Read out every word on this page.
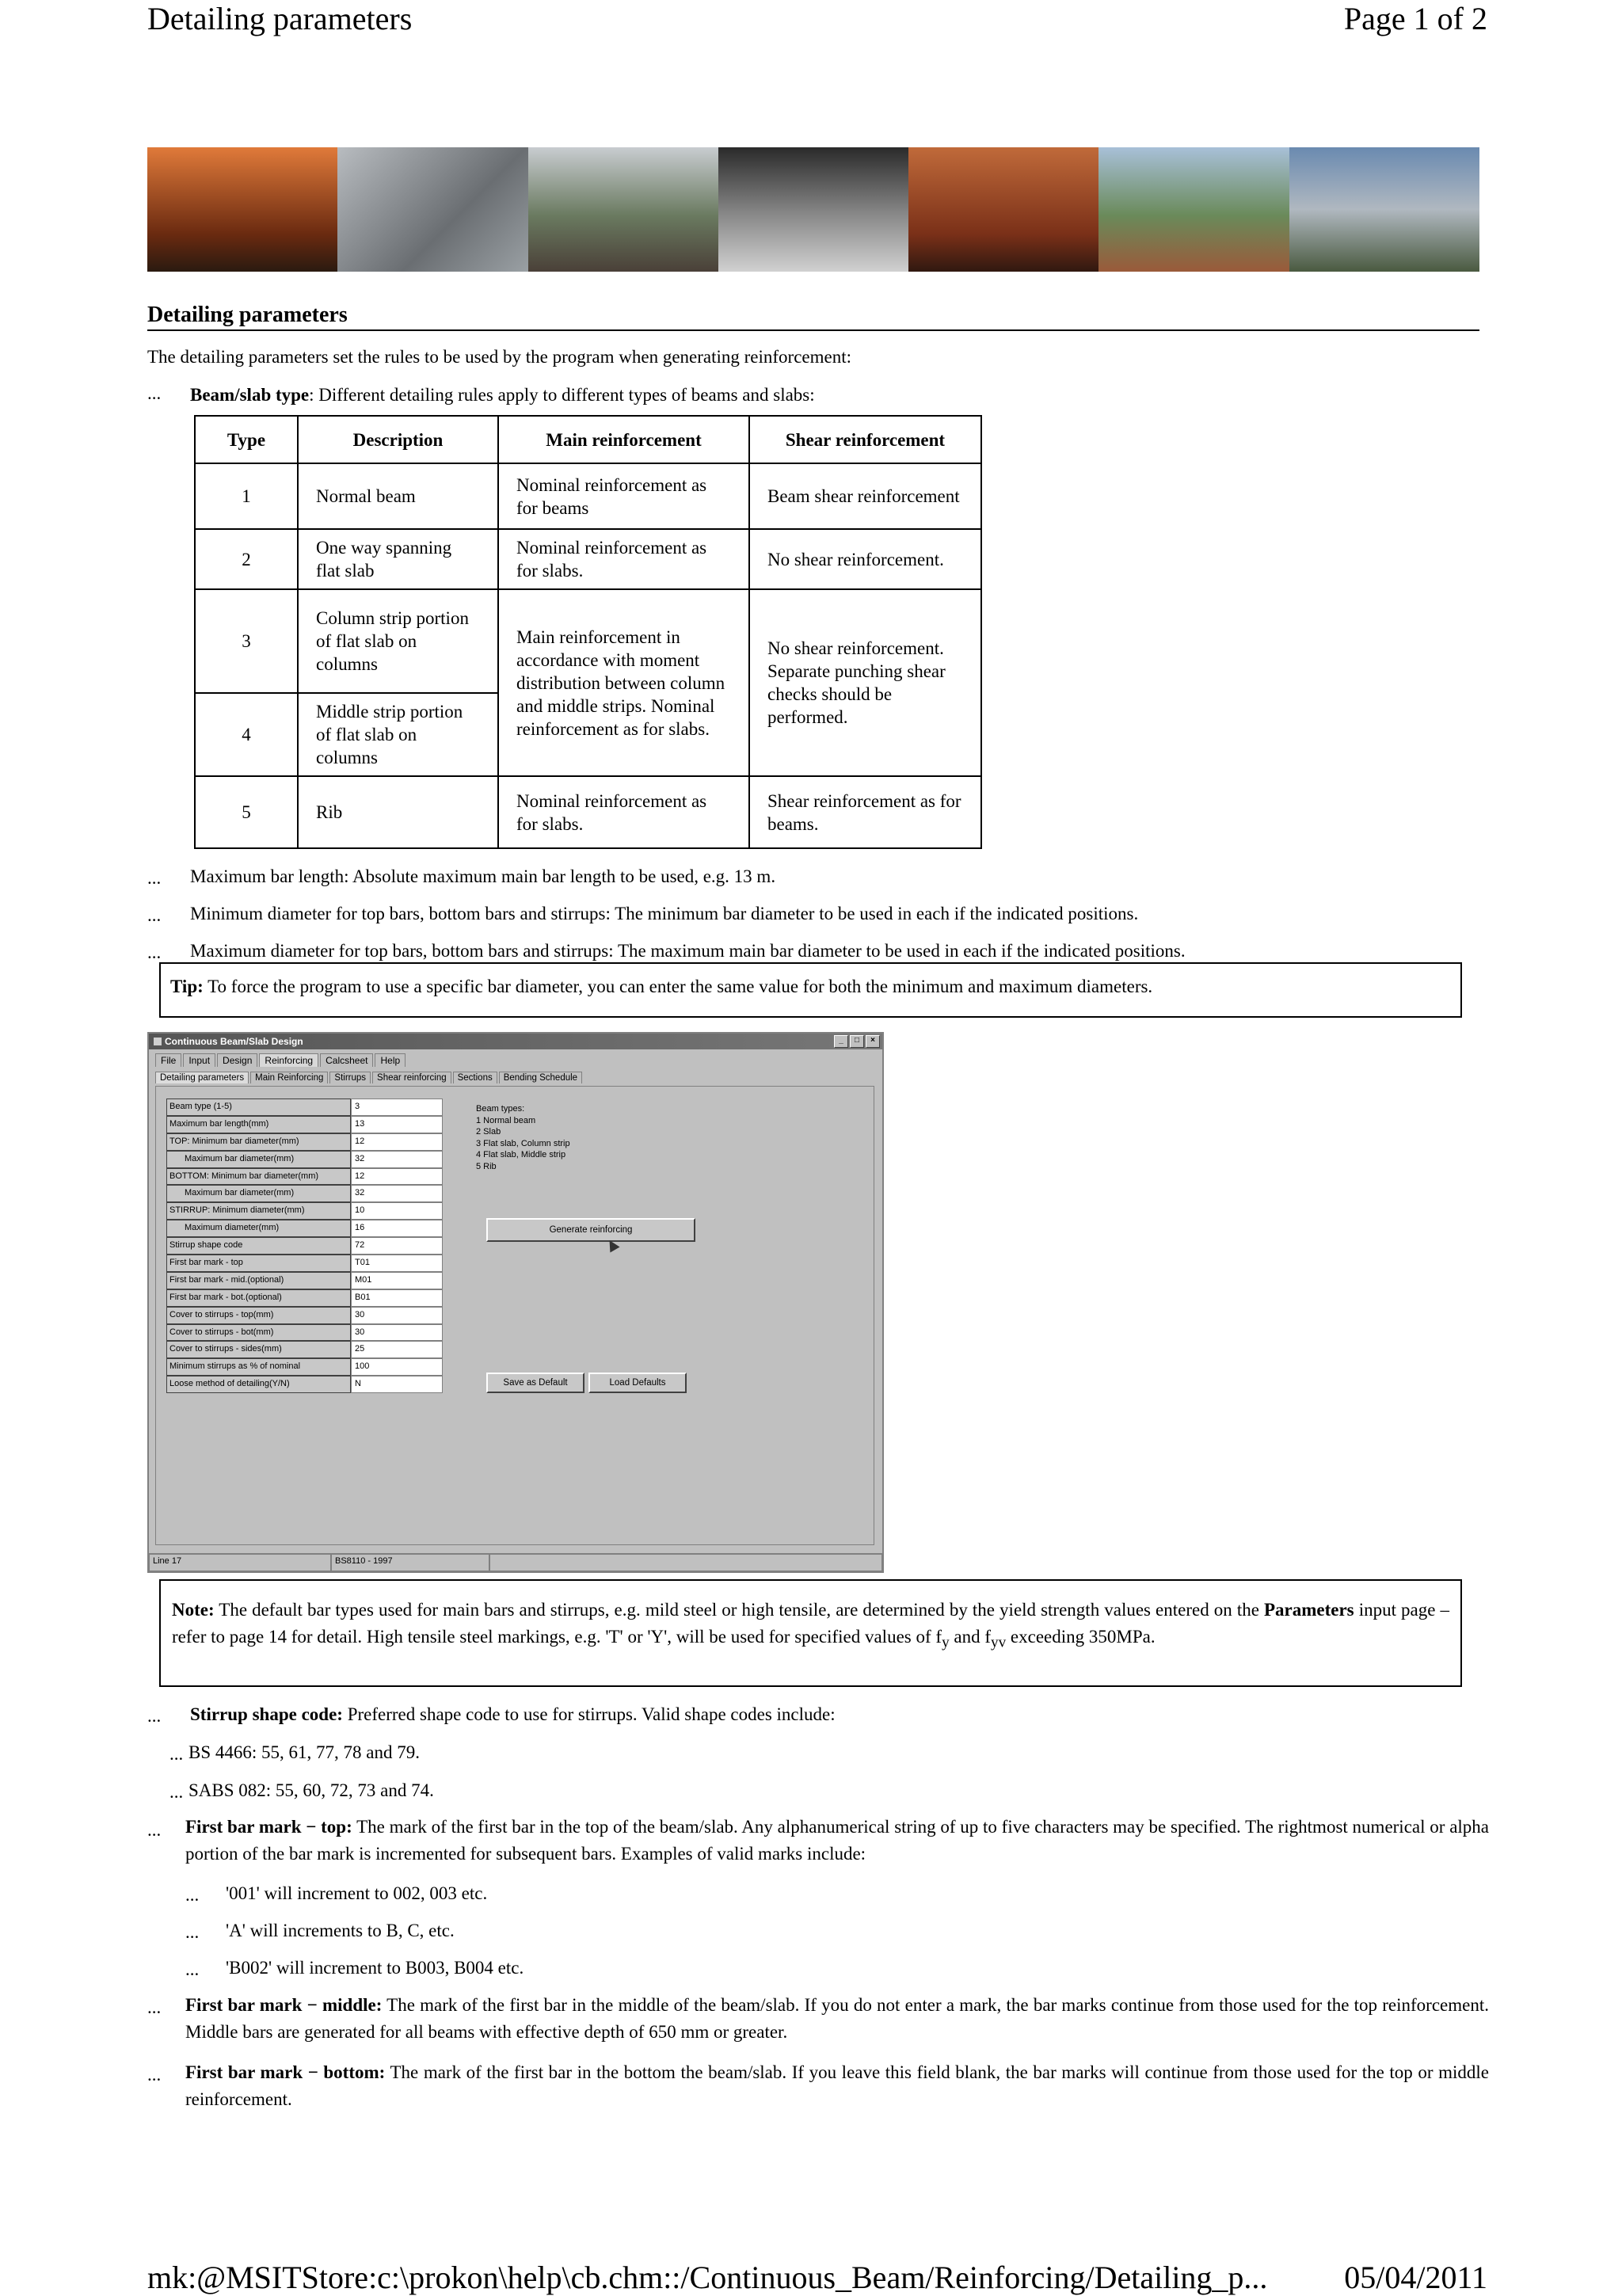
Detailing parameters	Page 1 of 2
Detailing parameters
The detailing parameters set the rules to be used by the program when generating reinforcement:
... Beam/slab type: Different detailing rules apply to different types of beams and slabs:
Type	Description	Main reinforcement	Shear reinforcement
1	Normal beam	Nominal reinforcement as for beams	Beam shear reinforcement
2	One way spanning flat slab	Nominal reinforcement as for slabs.	No shear reinforcement.
3	Column strip portion of flat slab on columns	Main reinforcement in accordance with moment distribution between column and middle strips. Nominal reinforcement as for slabs.	No shear reinforcement. Separate punching shear checks should be performed.
4	Middle strip portion of flat slab on columns		
5	Rib	Nominal reinforcement as for slabs.	Shear reinforcement as for beams.
... Maximum bar length: Absolute maximum main bar length to be used, e.g. 13 m.
... Minimum diameter for top bars, bottom bars and stirrups: The minimum bar diameter to be used in each if the indicated positions.
... Maximum diameter for top bars, bottom bars and stirrups: The maximum main bar diameter to be used in each if the indicated positions.
Tip: To force the program to use a specific bar diameter, you can enter the same value for both the minimum and maximum diameters.
Continuous Beam/Slab Design	_	□	×
File	Input	Design	Reinforcing	Calcsheet	Help
Detailing parameters	Main Reinforcing	Stirrups	Shear reinforcing	Sections	Bending Schedule
Beam type (1-5)	3
Maximum bar length(mm)	13
TOP: Minimum bar diameter(mm)	12
Maximum bar diameter(mm)	32
BOTTOM: Minimum bar diameter(mm)	12
Maximum bar diameter(mm)	32
STIRRUP: Minimum diameter(mm)	10
Maximum diameter(mm)	16
Stirrup shape code	72
First bar mark - top	T01
First bar mark - mid.(optional)	M01
First bar mark - bot.(optional)	B01
Cover to stirrups - top(mm)	30
Cover to stirrups - bot(mm)	30
Cover to stirrups - sides(mm)	25
Minimum stirrups as % of nominal	100
Loose method of detailing(Y/N)	N
Beam types:
1 Normal beam
2 Slab
3 Flat slab, Column strip
4 Flat slab, Middle strip
5 Rib
Generate reinforcing
Save as Default	Load Defaults
Line 17	BS8110 - 1997
Note: The default bar types used for main bars and stirrups, e.g. mild steel or high tensile, are determined by the yield strength values entered on the Parameters input page – refer to page 14 for detail. High tensile steel markings, e.g. 'T' or 'Y', will be used for specified values of $f_y$ and $f_{yv}$ exceeding 350MPa.
... Stirrup shape code: Preferred shape code to use for stirrups. Valid shape codes include:
... BS 4466: 55, 61, 77, 78 and 79.
... SABS 082: 55, 60, 72, 73 and 74.
... First bar mark − top: The mark of the first bar in the top of the beam/slab. Any alphanumerical string of up to five characters may be specified. The rightmost numerical or alpha portion of the bar mark is incremented for subsequent bars. Examples of valid marks include:
... '001' will increment to 002, 003 etc.
... 'A' will increments to B, C, etc.
... 'B002' will increment to B003, B004 etc.
... First bar mark − middle: The mark of the first bar in the middle of the beam/slab. If you do not enter a mark, the bar marks continue from those used for the top reinforcement. Middle bars are generated for all beams with effective depth of 650 mm or greater.
... First bar mark − bottom: The mark of the first bar in the bottom the beam/slab. If you leave this field blank, the bar marks will continue from those used for the top or middle reinforcement.
mk:@MSITStore:c:\prokon\help\cb.chm::/Continuous_Beam/Reinforcing/Detailing_p... 05/04/2011
